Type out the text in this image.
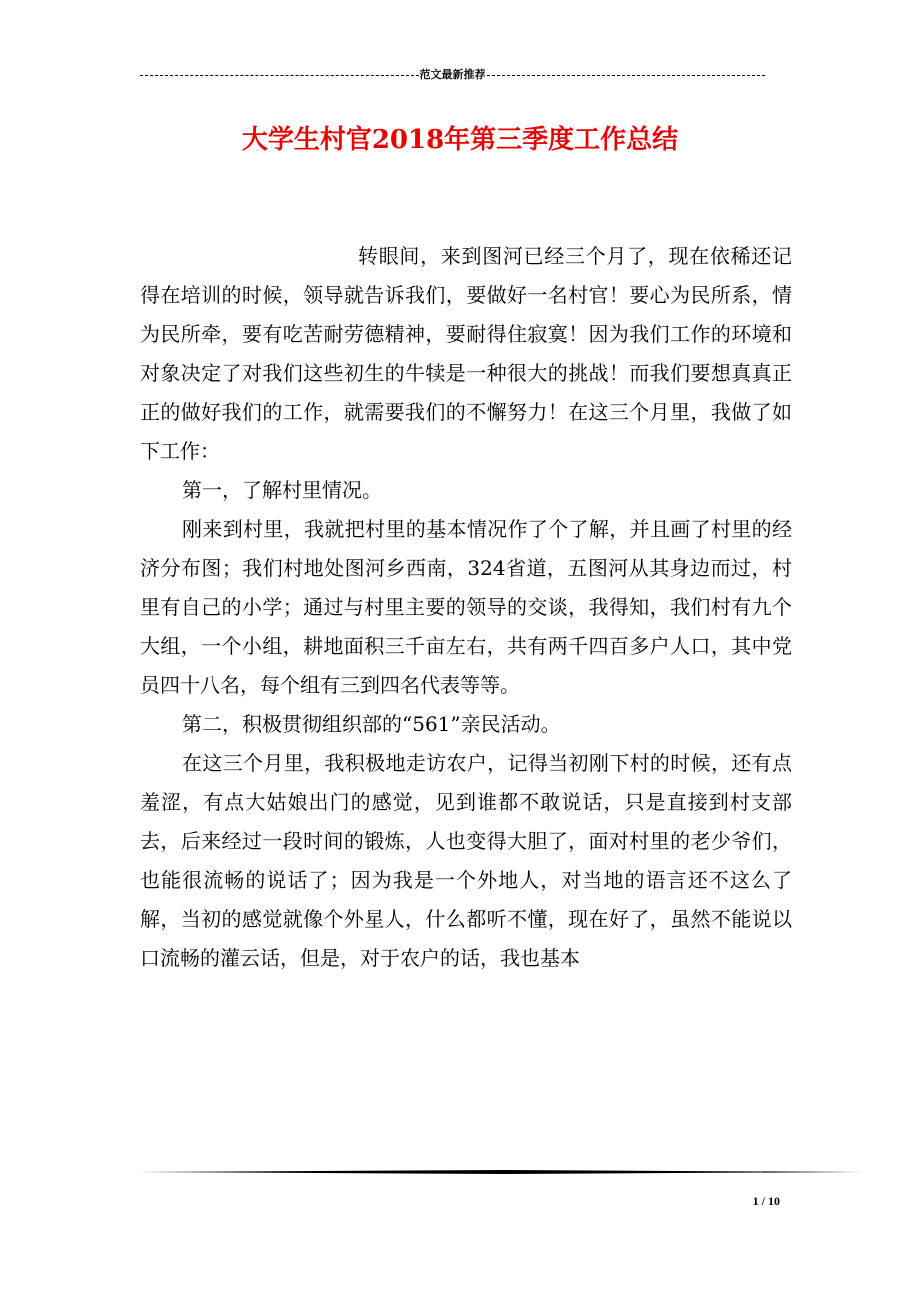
范文最新推荐
大学生村官2018年第三季度工作总结

转眼间，来到图河已经三个月了，现在依稀还记得在培训的时候，领导就告诉我们，要做好一名村官！要心为民所系，情为民所牵，要有吃苦耐劳德精神，要耐得住寂寞！因为我们工作的环境和对象决定了对我们这些初生的牛犊是一种很大的挑战！而我们要想真真正正的做好我们的工作，就需要我们的不懈努力！在这三个月里，我做了如下工作：

第一，了解村里情况。

刚来到村里，我就把村里的基本情况作了个了解，并且画了村里的经济分布图；我们村地处图河乡西南，324省道，五图河从其身边而过，村里有自己的小学；通过与村里主要的领导的交谈，我得知，我们村有九个大组，一个小组，耕地面积三千亩左右，共有两千四百多户人口，其中党员四十八名，每个组有三到四名代表等等。

第二，积极贯彻组织部的“561”亲民活动。

在这三个月里，我积极地走访农户，记得当初刚下村的时候，还有点羞涩，有点大姑娘出门的感觉，见到谁都不敢说话，只是直接到村支部去，后来经过一段时间的锻炼，人也变得大胆了，面对村里的老少爷们，也能很流畅的说话了；因为我是一个外地人，对当地的语言还不这么了解，当初的感觉就像个外星人，什么都听不懂，现在好了，虽然不能说以口流畅的灌云话，但是，对于农户的话，我也基本

1 / 10
